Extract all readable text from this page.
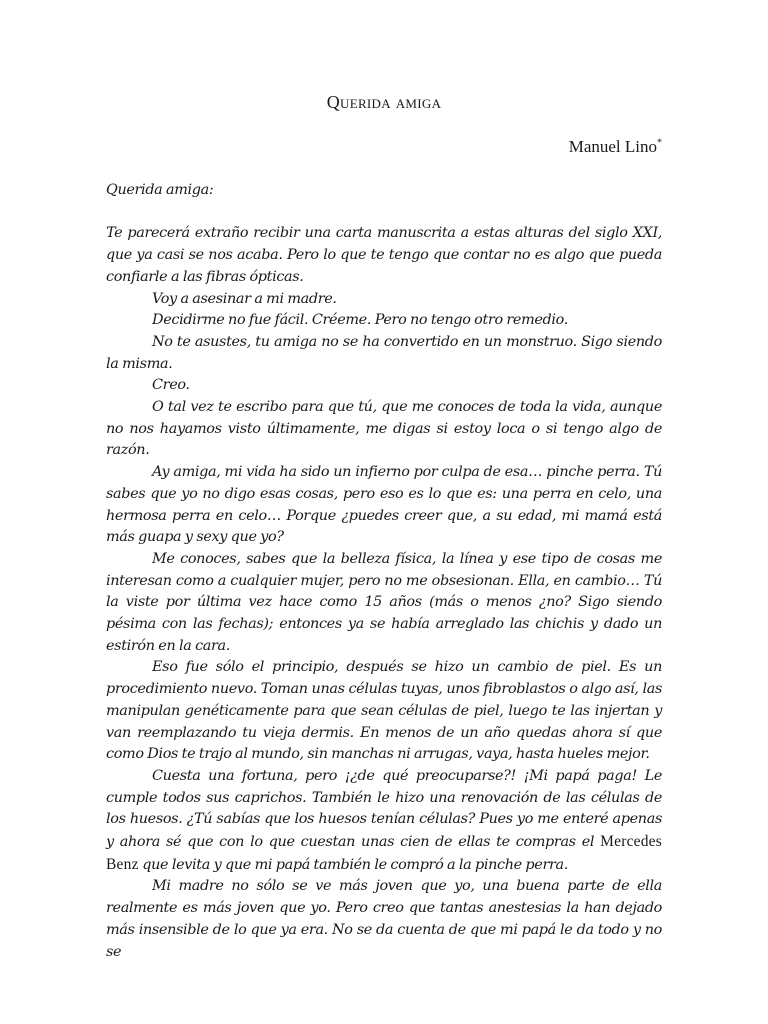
Querida amiga
Manuel Lino*

Querida amiga:

Te parecerá extraño recibir una carta manuscrita a estas alturas del siglo XXI, que ya casi se nos acaba. Pero lo que te tengo que contar no es algo que pueda confiarle a las fibras ópticas.

Voy a asesinar a mi madre.

Decidirme no fue fácil. Créeme. Pero no tengo otro remedio.

No te asustes, tu amiga no se ha convertido en un monstruo. Sigo siendo la misma.

Creo.

O tal vez te escribo para que tú, que me conoces de toda la vida, aunque no nos hayamos visto últimamente, me digas si estoy loca o si tengo algo de razón.

Ay amiga, mi vida ha sido un infierno por culpa de esa… pinche perra. Tú sabes que yo no digo esas cosas, pero eso es lo que es: una perra en celo, una hermosa perra en celo… Porque ¿puedes creer que, a su edad, mi mamá está más guapa y sexy que yo?

Me conoces, sabes que la belleza física, la línea y ese tipo de cosas me interesan como a cualquier mujer, pero no me obsesionan. Ella, en cambio… Tú la viste por última vez hace como 15 años (más o menos ¿no? Sigo siendo pésima con las fechas); entonces ya se había arreglado las chichis y dado un estirón en la cara.

Eso fue sólo el principio, después se hizo un cambio de piel. Es un procedimiento nuevo. Toman unas células tuyas, unos fibroblastos o algo así, las manipulan genéticamente para que sean células de piel, luego te las injertan y van reemplazando tu vieja dermis. En menos de un año quedas ahora sí que como Dios te trajo al mundo, sin manchas ni arrugas, vaya, hasta hueles mejor.

Cuesta una fortuna, pero ¡¿de qué preocuparse?! ¡Mi papá paga! Le cumple todos sus caprichos. También le hizo una renovación de las células de los huesos. ¿Tú sabías que los huesos tenían células? Pues yo me enteré apenas y ahora sé que con lo que cuestan unas cien de ellas te compras el Mercedes Benz que levita y que mi papá también le compró a la pinche perra.

Mi madre no sólo se ve más joven que yo, una buena parte de ella realmente es más joven que yo. Pero creo que tantas anestesias la han dejado más insensible de lo que ya era. No se da cuenta de que mi papá le da todo y no se
